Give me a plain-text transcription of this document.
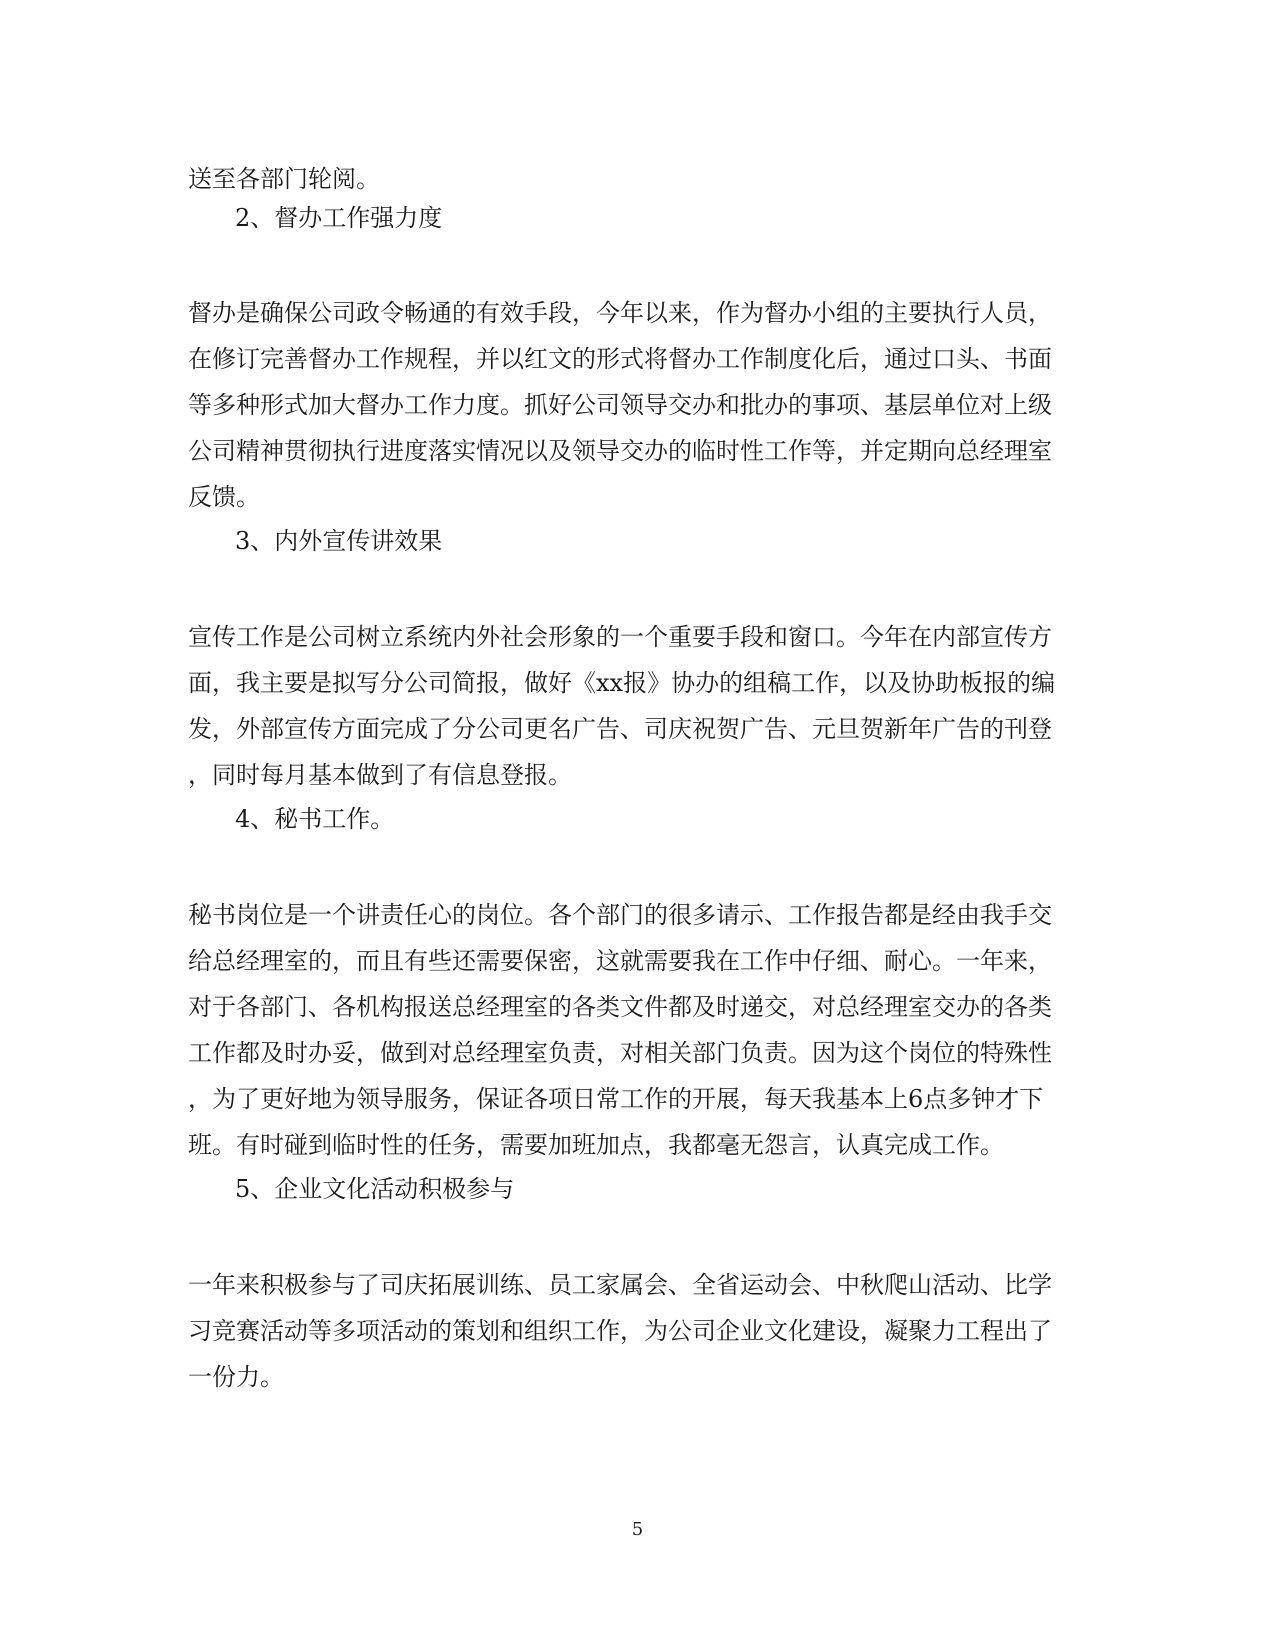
送至各部门轮阅。
2、督办工作强力度
督办是确保公司政令畅通的有效手段，今年以来，作为督办小组的主要执行人员，
在修订完善督办工作规程，并以红文的形式将督办工作制度化后，通过口头、书面
等多种形式加大督办工作力度。抓好公司领导交办和批办的事项、基层单位对上级
公司精神贯彻执行进度落实情况以及领导交办的临时性工作等，并定期向总经理室
反馈。
3、内外宣传讲效果
宣传工作是公司树立系统内外社会形象的一个重要手段和窗口。今年在内部宣传方
面，我主要是拟写分公司简报，做好《xx报》协办的组稿工作，以及协助板报的编
发，外部宣传方面完成了分公司更名广告、司庆祝贺广告、元旦贺新年广告的刊登
，同时每月基本做到了有信息登报。
4、秘书工作。
秘书岗位是一个讲责任心的岗位。各个部门的很多请示、工作报告都是经由我手交
给总经理室的，而且有些还需要保密，这就需要我在工作中仔细、耐心。一年来，
对于各部门、各机构报送总经理室的各类文件都及时递交，对总经理室交办的各类
工作都及时办妥，做到对总经理室负责，对相关部门负责。因为这个岗位的特殊性
，为了更好地为领导服务，保证各项日常工作的开展，每天我基本上6点多钟才下
班。有时碰到临时性的任务，需要加班加点，我都毫无怨言，认真完成工作。
5、企业文化活动积极参与
一年来积极参与了司庆拓展训练、员工家属会、全省运动会、中秋爬山活动、比学
习竞赛活动等多项活动的策划和组织工作，为公司企业文化建设，凝聚力工程出了
一份力。
5
